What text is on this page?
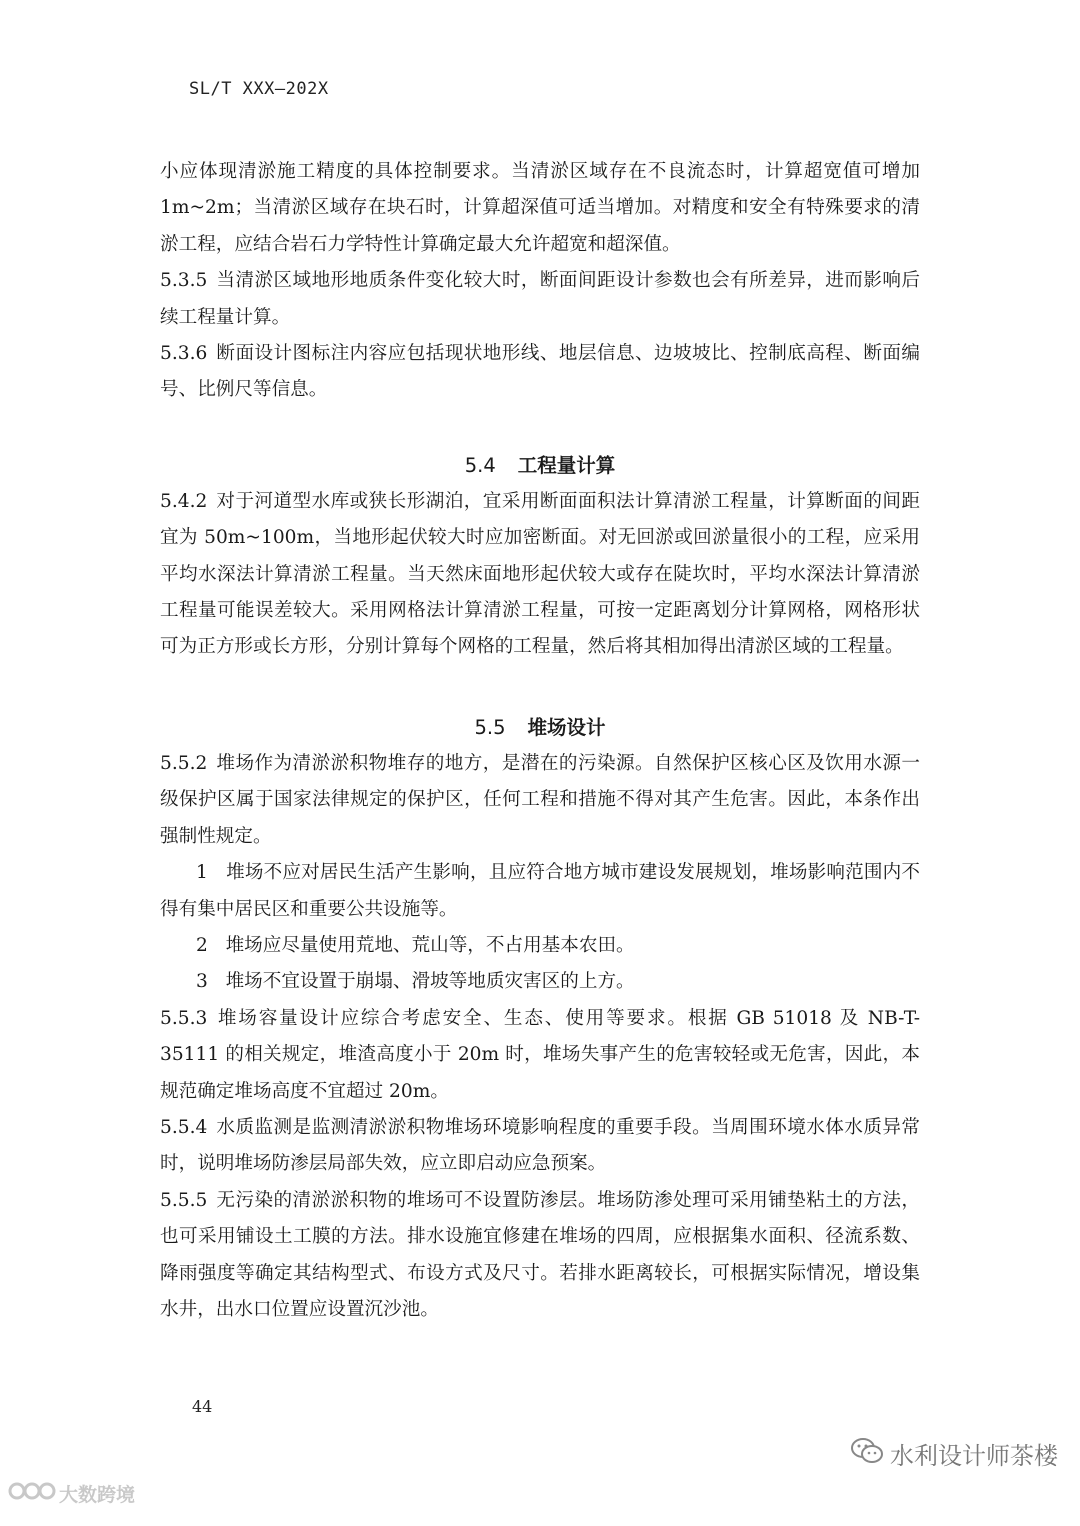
SL/T XXX—202X

小应体现清淤施工精度的具体控制要求。当清淤区域存在不良流态时，计算超宽值可增加1m~2m；当清淤区域存在块石时，计算超深值可适当增加。对精度和安全有特殊要求的清淤工程，应结合岩石力学特性计算确定最大允许超宽和超深值。

5.3.5 当清淤区域地形地质条件变化较大时，断面间距设计参数也会有所差异，进而影响后续工程量计算。

5.3.6 断面设计图标注内容应包括现状地形线、地层信息、边坡坡比、控制底高程、断面编号、比例尺等信息。

5.4 工程量计算

5.4.2 对于河道型水库或狭长形湖泊，宜采用断面面积法计算清淤工程量，计算断面的间距宜为 50m~100m，当地形起伏较大时应加密断面。对无回淤或回淤量很小的工程，应采用平均水深法计算清淤工程量。当天然床面地形起伏较大或存在陡坎时，平均水深法计算清淤工程量可能误差较大。采用网格法计算清淤工程量，可按一定距离划分计算网格，网格形状可为正方形或长方形，分别计算每个网格的工程量，然后将其相加得出清淤区域的工程量。

5.5 堆场设计

5.5.2 堆场作为清淤淤积物堆存的地方，是潜在的污染源。自然保护区核心区及饮用水源一级保护区属于国家法律规定的保护区，任何工程和措施不得对其产生危害。因此，本条作出强制性规定。

1 堆场不应对居民生活产生影响，且应符合地方城市建设发展规划，堆场影响范围内不得有集中居民区和重要公共设施等。

2 堆场应尽量使用荒地、荒山等，不占用基本农田。

3 堆场不宜设置于崩塌、滑坡等地质灾害区的上方。

5.5.3 堆场容量设计应综合考虑安全、生态、使用等要求。根据 GB 51018 及 NB-T-35111 的相关规定，堆渣高度小于 20m 时，堆场失事产生的危害较轻或无危害，因此，本规范确定堆场高度不宜超过 20m。

5.5.4 水质监测是监测清淤淤积物堆场环境影响程度的重要手段。当周围环境水体水质异常时，说明堆场防渗层局部失效，应立即启动应急预案。

5.5.5 无污染的清淤淤积物的堆场可不设置防渗层。堆场防渗处理可采用铺垫粘土的方法，也可采用铺设土工膜的方法。排水设施宜修建在堆场的四周，应根据集水面积、径流系数、降雨强度等确定其结构型式、布设方式及尺寸。若排水距离较长，可根据实际情况，增设集水井，出水口位置应设置沉沙池。

44
大数跨境
水利设计师茶楼
